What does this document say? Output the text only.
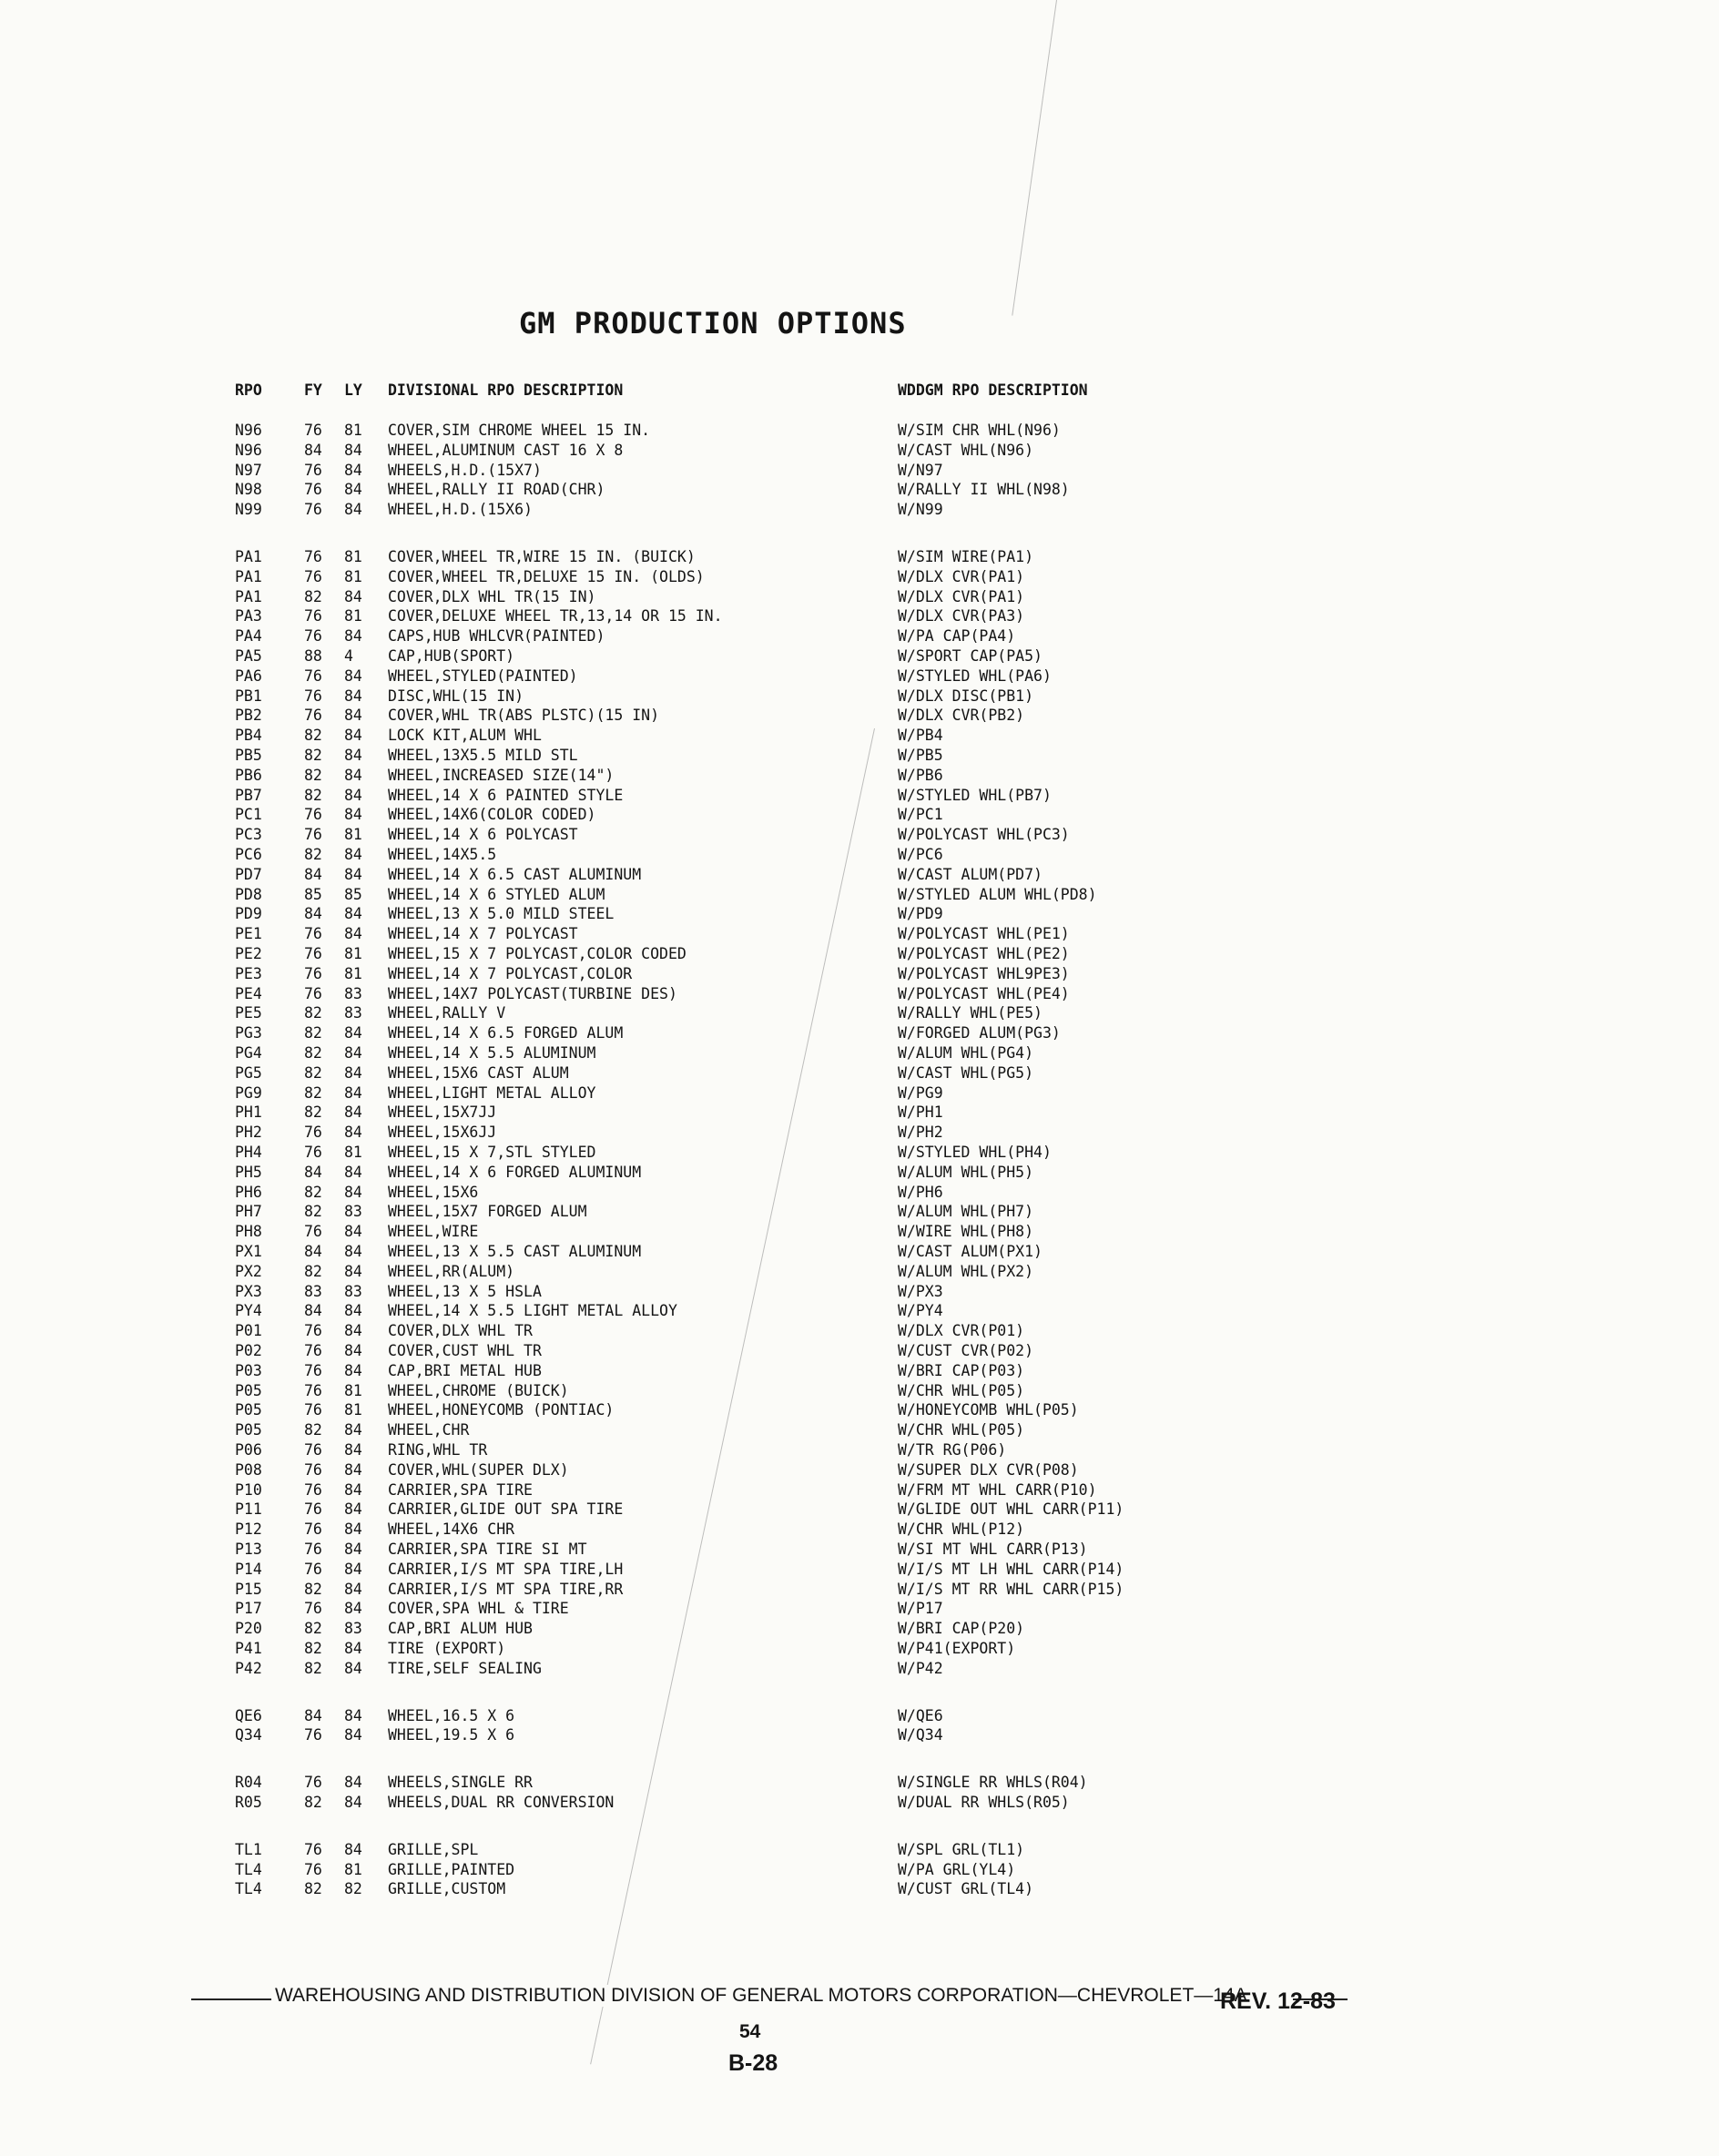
GM PRODUCTION OPTIONS
RPO	FY LY DIVISIONAL RPO DESCRIPTION	WDDGM RPO DESCRIPTION
N96	76 81 COVER,SIM CHROME WHEEL 15 IN.	W/SIM CHR WHL(N96)
N96	84 84 WHEEL,ALUMINUM CAST 16 X 8	W/CAST WHL(N96)
N97	76 84 WHEELS,H.D.(15X7)	W/N97
N98	76 84 WHEEL,RALLY II ROAD(CHR)	W/RALLY II WHL(N98)
N99	76 84 WHEEL,H.D.(15X6)	W/N99
PA1	76 81 COVER,WHEEL TR,WIRE 15 IN. (BUICK)	W/SIM WIRE(PA1)
PA1	76 81 COVER,WHEEL TR,DELUXE 15 IN. (OLDS)	W/DLX CVR(PA1)
PA1	82 84 COVER,DLX WHL TR(15 IN)	W/DLX CVR(PA1)
PA3	76 81 COVER,DELUXE WHEEL TR,13,14 OR 15 IN.	W/DLX CVR(PA3)
PA4	76 84 CAPS,HUB WHLCVR(PAINTED)	W/PA CAP(PA4)
PA5	88 4 CAP,HUB(SPORT)	W/SPORT CAP(PA5)
PA6	76 84 WHEEL,STYLED(PAINTED)	W/STYLED WHL(PA6)
PB1	76 84 DISC,WHL(15 IN)	W/DLX DISC(PB1)
PB2	76 84 COVER,WHL TR(ABS PLSTC)(15 IN)	W/DLX CVR(PB2)
PB4	82 84 LOCK KIT,ALUM WHL	W/PB4
PB5	82 84 WHEEL,13X5.5 MILD STL	W/PB5
PB6	82 84 WHEEL,INCREASED SIZE(14")	W/PB6
PB7	82 84 WHEEL,14 X 6 PAINTED STYLE	W/STYLED WHL(PB7)
PC1	76 84 WHEEL,14X6(COLOR CODED)	W/PC1
PC3	76 81 WHEEL,14 X 6 POLYCAST	W/POLYCAST WHL(PC3)
PC6	82 84 WHEEL,14X5.5	W/PC6
PD7	84 84 WHEEL,14 X 6.5 CAST ALUMINUM	W/CAST ALUM(PD7)
PD8	85 85 WHEEL,14 X 6 STYLED ALUM	W/STYLED ALUM WHL(PD8)
PD9	84 84 WHEEL,13 X 5.0 MILD STEEL	W/PD9
PE1	76 84 WHEEL,14 X 7 POLYCAST	W/POLYCAST WHL(PE1)
PE2	76 81 WHEEL,15 X 7 POLYCAST,COLOR CODED	W/POLYCAST WHL(PE2)
PE3	76 81 WHEEL,14 X 7 POLYCAST,COLOR	W/POLYCAST WHL9PE3)
PE4	76 83 WHEEL,14X7 POLYCAST(TURBINE DES)	W/POLYCAST WHL(PE4)
PE5	82 83 WHEEL,RALLY V	W/RALLY WHL(PE5)
PG3	82 84 WHEEL,14 X 6.5 FORGED ALUM	W/FORGED ALUM(PG3)
PG4	82 84 WHEEL,14 X 5.5 ALUMINUM	W/ALUM WHL(PG4)
PG5	82 84 WHEEL,15X6 CAST ALUM	W/CAST WHL(PG5)
PG9	82 84 WHEEL,LIGHT METAL ALLOY	W/PG9
PH1	82 84 WHEEL,15X7JJ	W/PH1
PH2	76 84 WHEEL,15X6JJ	W/PH2
PH4	76 81 WHEEL,15 X 7,STL STYLED	W/STYLED WHL(PH4)
PH5	84 84 WHEEL,14 X 6 FORGED ALUMINUM	W/ALUM WHL(PH5)
PH6	82 84 WHEEL,15X6	W/PH6
PH7	82 83 WHEEL,15X7 FORGED ALUM	W/ALUM WHL(PH7)
PH8	76 84 WHEEL,WIRE	W/WIRE WHL(PH8)
PX1	84 84 WHEEL,13 X 5.5 CAST ALUMINUM	W/CAST ALUM(PX1)
PX2	82 84 WHEEL,RR(ALUM)	W/ALUM WHL(PX2)
PX3	83 83 WHEEL,13 X 5 HSLA	W/PX3
PY4	84 84 WHEEL,14 X 5.5 LIGHT METAL ALLOY	W/PY4
P01	76 84 COVER,DLX WHL TR	W/DLX CVR(P01)
P02	76 84 COVER,CUST WHL TR	W/CUST CVR(P02)
P03	76 84 CAP,BRI METAL HUB	W/BRI CAP(P03)
P05	76 81 WHEEL,CHROME (BUICK)	W/CHR WHL(P05)
P05	76 81 WHEEL,HONEYCOMB (PONTIAC)	W/HONEYCOMB WHL(P05)
P05	82 84 WHEEL,CHR	W/CHR WHL(P05)
P06	76 84 RING,WHL TR	W/TR RG(P06)
P08	76 84 COVER,WHL(SUPER DLX)	W/SUPER DLX CVR(P08)
P10	76 84 CARRIER,SPA TIRE	W/FRM MT WHL CARR(P10)
P11	76 84 CARRIER,GLIDE OUT SPA TIRE	W/GLIDE OUT WHL CARR(P11)
P12	76 84 WHEEL,14X6 CHR	W/CHR WHL(P12)
P13	76 84 CARRIER,SPA TIRE SI MT	W/SI MT WHL CARR(P13)
P14	76 84 CARRIER,I/S MT SPA TIRE,LH	W/I/S MT LH WHL CARR(P14)
P15	82 84 CARRIER,I/S MT SPA TIRE,RR	W/I/S MT RR WHL CARR(P15)
P17	76 84 COVER,SPA WHL & TIRE	W/P17
P20	82 83 CAP,BRI ALUM HUB	W/BRI CAP(P20)
P41	82 84 TIRE (EXPORT)	W/P41(EXPORT)
P42	82 84 TIRE,SELF SEALING	W/P42
QE6	84 84 WHEEL,16.5 X 6	W/QE6
Q34	76 84 WHEEL,19.5 X 6	W/Q34
R04	76 84 WHEELS,SINGLE RR	W/SINGLE RR WHLS(R04)
R05	82 84 WHEELS,DUAL RR CONVERSION	W/DUAL RR WHLS(R05)
TL1	76 84 GRILLE,SPL	W/SPL GRL(TL1)
TL4	76 81 GRILLE,PAINTED	W/PA GRL(YL4)
TL4	82 82 GRILLE,CUSTOM	W/CUST GRL(TL4)
WAREHOUSING AND DISTRIBUTION DIVISION OF GENERAL MOTORS CORPORATION—CHEVROLET—14A
REV. 12-83
54
B-28
